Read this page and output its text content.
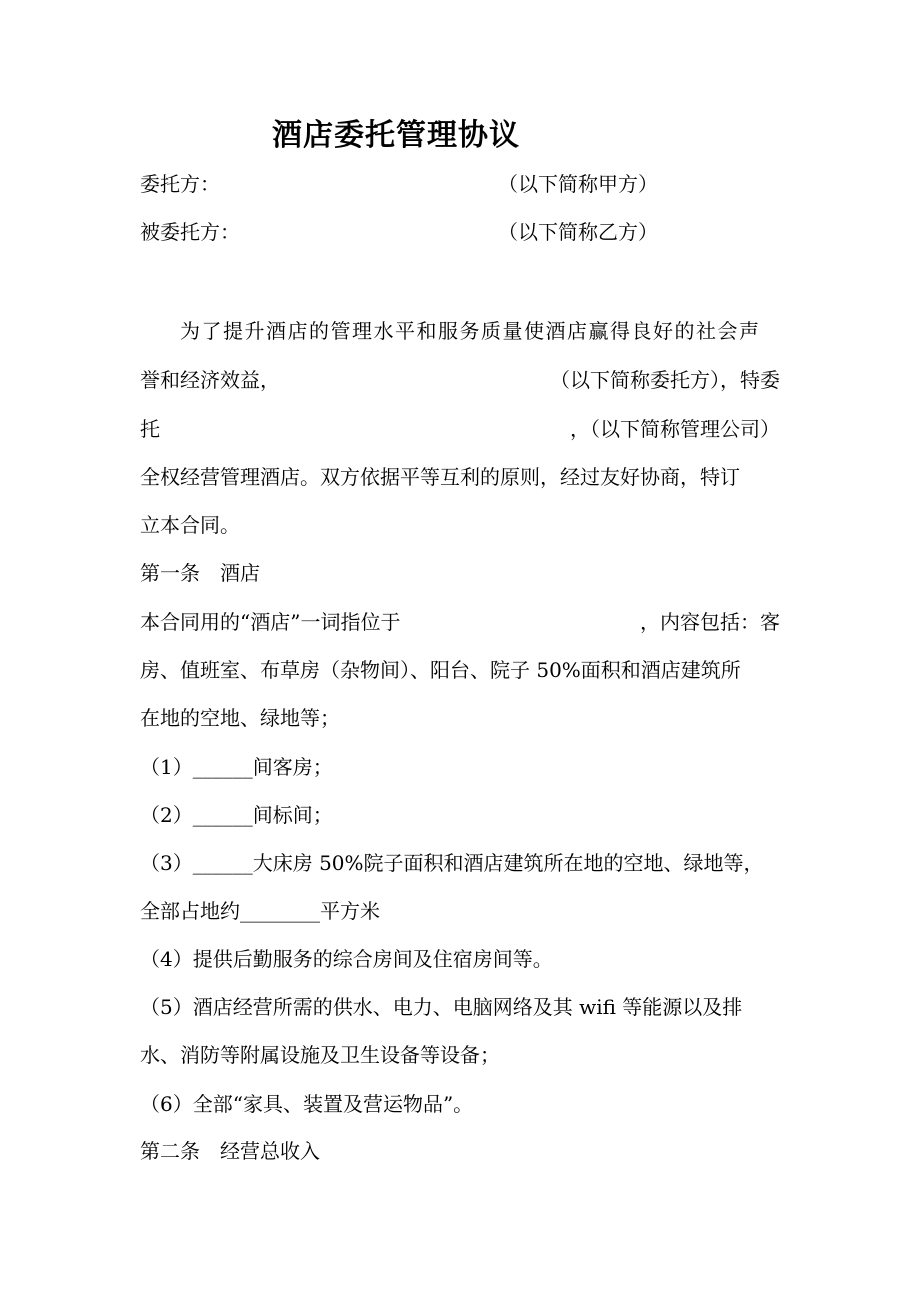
酒店委托管理协议
委托方：	（以下简称甲方）
被委托方：	（以下简称乙方）
为了提升酒店的管理水平和服务质量使酒店赢得良好的社会声
誉和经济效益，	（以下简称委托方），特委
托	，（以下简称管理公司）
全权经营管理酒店。双方依据平等互利的原则，经过友好协商，特订
立本合同。
第一条　酒店
本合同用的“酒店”一词指位于	，内容包括：客
房、值班室、布草房（杂物间）、阳台、院子 50%面积和酒店建筑所
在地的空地、绿地等；
（1）______间客房；
（2）______间标间；
（3）______大床房 50%院子面积和酒店建筑所在地的空地、绿地等，
全部占地约________平方米
（4）提供后勤服务的综合房间及住宿房间等。
（5）酒店经营所需的供水、电力、电脑网络及其 wifi 等能源以及排
水、消防等附属设施及卫生设备等设备；
（6）全部“家具、装置及营运物品”。
第二条　经营总收入
